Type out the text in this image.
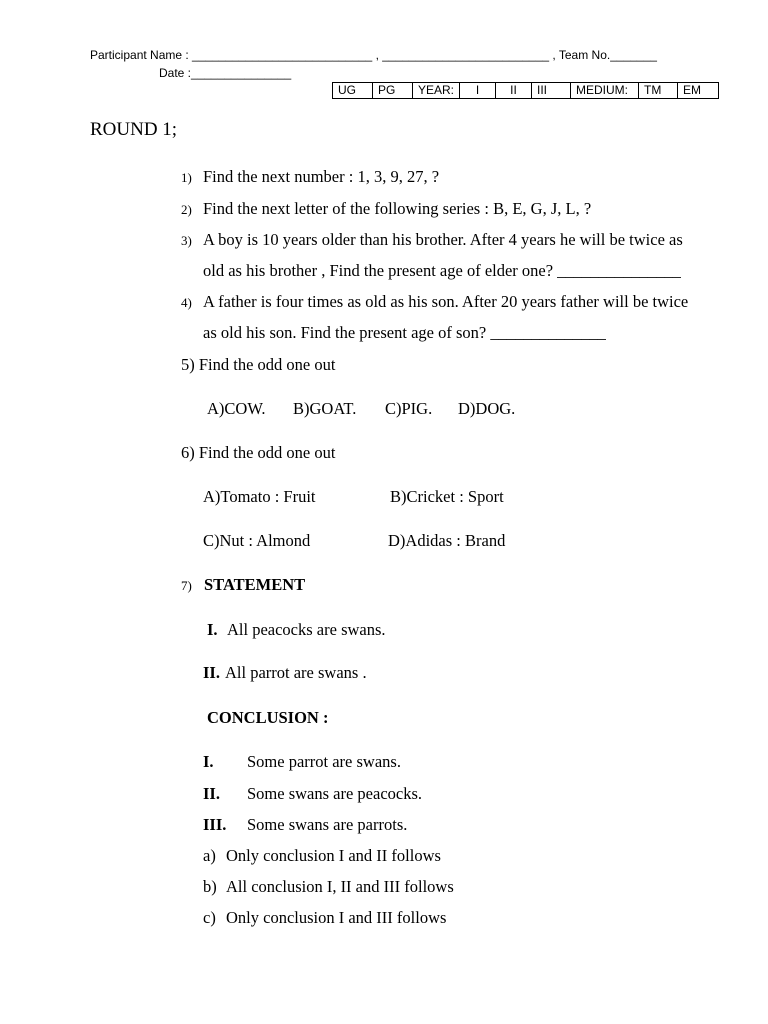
Participant Name : ___________________________ , _________________________ , Team No._______
Date :_______________
UG	PG	YEAR:	I	II	III	MEDIUM:	TM	EM
ROUND 1;
1) Find the next number : 1, 3, 9, 27, ?
2) Find the next letter of the following series : B, E, G, J, L, ?
3) A boy is 10 years older than his brother. After 4 years he will be twice as
old as his brother , Find the present age of elder one? _______________
4) A father is four times as old as his son. After 20 years father will be twice
as old his son. Find the present age of son? ______________
5) Find the odd one out
A)COW. B)GOAT. C)PIG. D)DOG.
6) Find the odd one out
A)Tomato : Fruit	B)Cricket : Sport
C)Nut : Almond	D)Adidas : Brand
7) STATEMENT
I. All peacocks are swans.
II. All parrot are swans .
CONCLUSION :
I. Some parrot are swans.
II. Some swans are peacocks.
III. Some swans are parrots.
a) Only conclusion I and II follows
b) All conclusion I, II and III follows
c) Only conclusion I and III follows
